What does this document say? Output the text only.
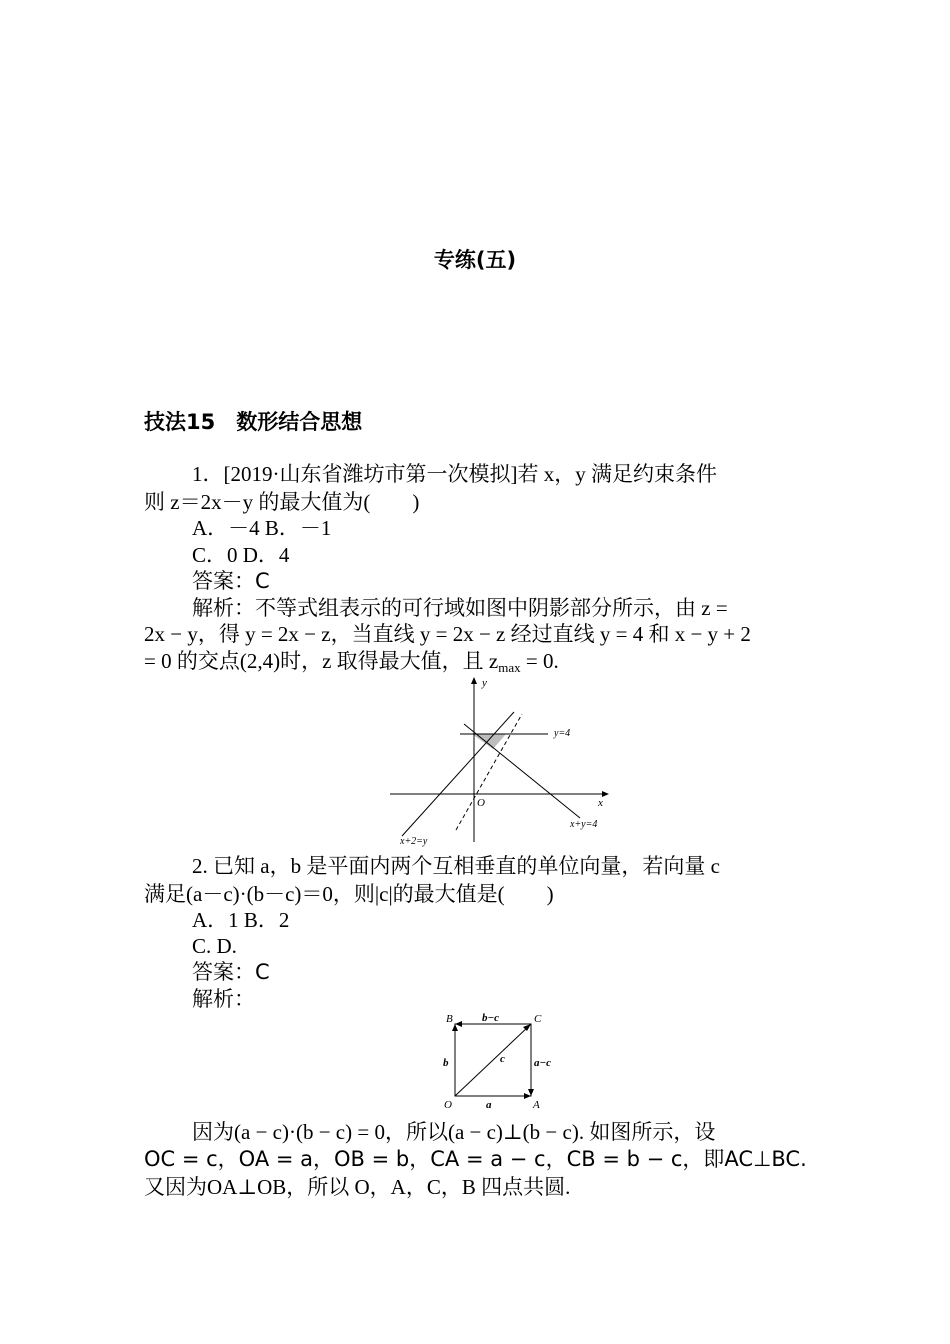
专练(五)
技法15　数形结合思想
1．[2019·山东省潍坊市第一次模拟]若 x，y 满足约束条件
则 z＝2x－y 的最大值为(　　)
A．－4 B．－1
C．0 D．4
答案：C
解析：不等式组表示的可行域如图中阴影部分所示，由 z =
2x − y，得 y = 2x − z，当直线 y = 2x − z 经过直线 y = 4 和 x − y + 2
= 0 的交点(2,4)时，z 取得最大值，且 $z_{max} = 0$.
y
x
O
y=4
x+y=4
x+2=y
2. 已知 a，b 是平面内两个互相垂直的单位向量，若向量 c
满足(a－c)·(b－c)＝0，则|c|的最大值是(　　)
A．1 B．2
C. D.
答案：C
解析：
B	C
O	A
b−c
b	a−c
a
c
因为(a − c)·(b − c) = 0，所以(a − c)⊥(b − c). 如图所示，设
OC = c，OA = a，OB = b，CA = a − c，CB = b − c，即AC⊥BC.
又因为OA⊥OB，所以 O，A，C，B 四点共圆.
